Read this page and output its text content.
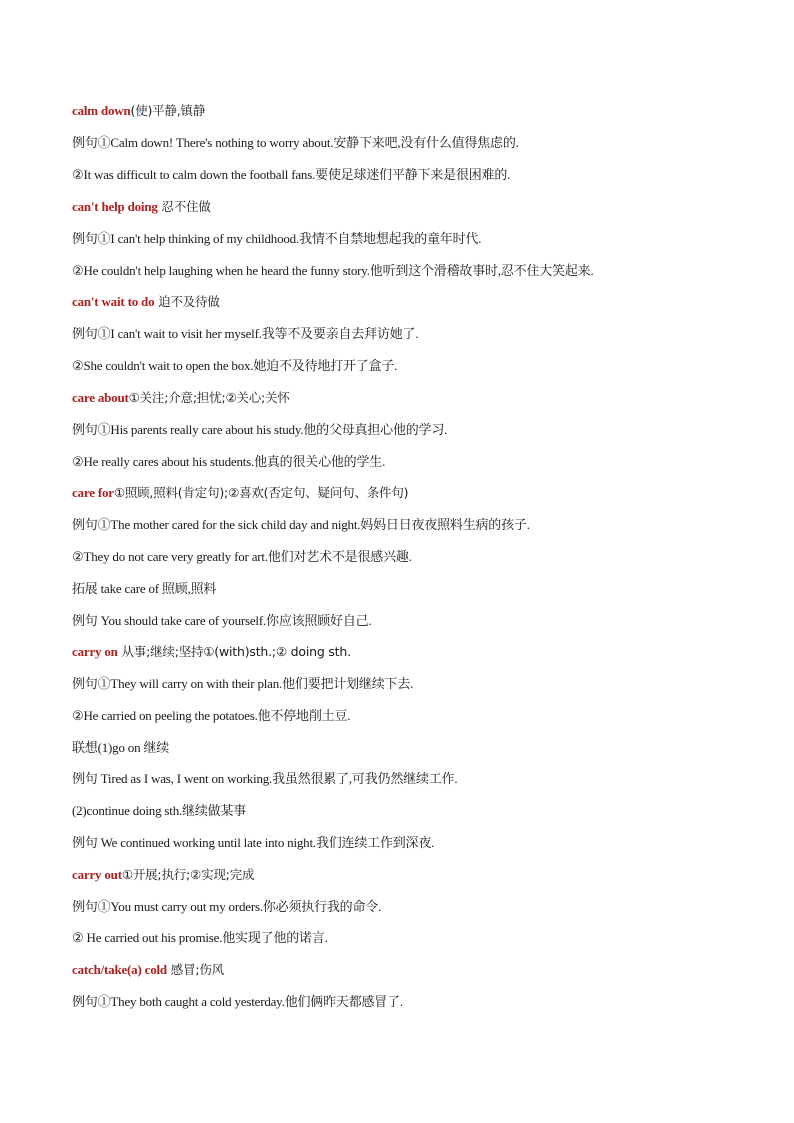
calm down(使)平静,镇静
例句①Calm down! There's nothing to worry about.安静下来吧,没有什么值得焦虑的.
②It was difficult to calm down the football fans.要使足球迷们平静下来是很困难的.
can't help doing 忍不住做
例句①I can't help thinking of my childhood.我情不自禁地想起我的童年时代.
②He couldn't help laughing when he heard the funny story.他听到这个滑稽故事时,忍不住大笑起来.
can't wait to do 迫不及待做
例句①I can't wait to visit her myself.我等不及要亲自去拜访她了.
②She couldn't wait to open the box.她迫不及待地打开了盒子.
care about①关注;介意;担忧;②关心;关怀
例句①His parents really care about his study.他的父母真担心他的学习.
②He really cares about his students.他真的很关心他的学生.
care for①照顾,照料(肯定句);②喜欢(否定句、疑问句、条件句)
例句①The mother cared for the sick child day and night.妈妈日日夜夜照料生病的孩子.
②They do not care very greatly for art.他们对艺术不是很感兴趣.
拓展 take care of 照顾,照料
例句 You should take care of yourself.你应该照顾好自己.
carry on 从事;继续;坚持①(with)sth.;② doing sth.
例句①They will carry on with their plan.他们要把计划继续下去.
②He carried on peeling the potatoes.他不停地削土豆.
联想(1)go on 继续
例句 Tired as I was, I went on working.我虽然很累了,可我仍然继续工作.
(2)continue doing sth.继续做某事
例句 We continued working until late into night.我们连续工作到深夜.
carry out①开展;执行;②实现;完成
例句①You must carry out my orders.你必须执行我的命令.
② He carried out his promise.他实现了他的诺言.
catch/take(a) cold 感冒;伤风
例句①They both caught a cold yesterday.他们俩昨天都感冒了.
